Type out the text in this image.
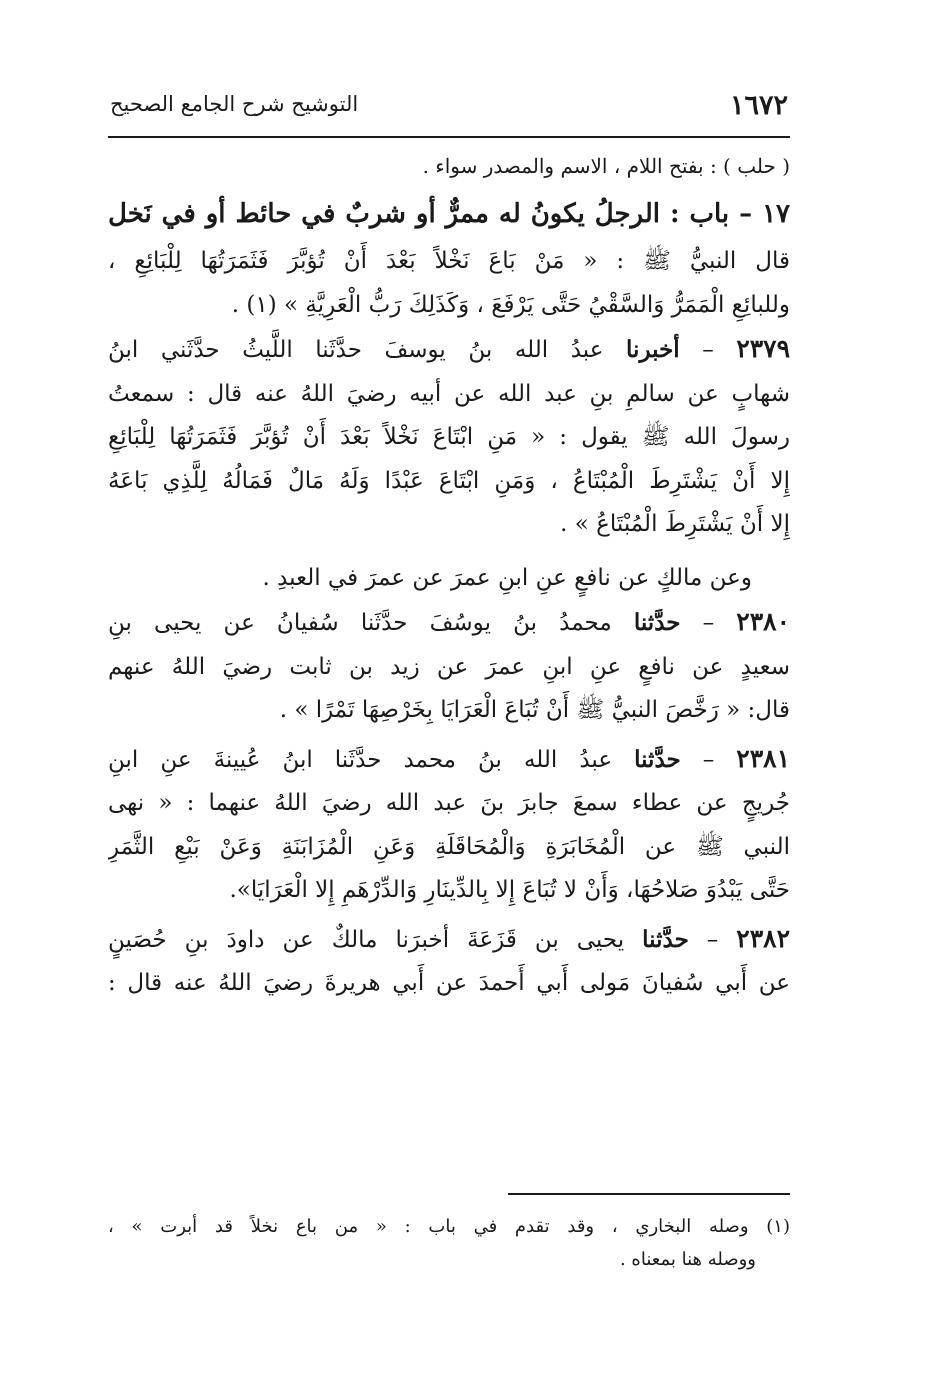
١٦٧٢
التوشيح شرح الجامع الصحيح
( حلب ) : بفتح اللام ، الاسم والمصدر سواء .
١٧ – باب : الرجلُ يكونُ له ممرٌّ أو شربٌ في حائط أو في نَخل
قال النبيُّ ﷺ : « مَنْ بَاعَ نَخْلاً بَعْدَ أَنْ تُؤبَّرَ فَثَمَرَتُهَا لِلْبَائِعِ ،
وللبائِعِ الْمَمَرُّ وَالسَّقْيُ حَتَّى يَرْفَعَ ، وَكَذَلِكَ رَبُّ الْعَرِيَّةِ » (١) .
٢٣٧٩ – أخبرنا عبدُ الله بنُ يوسفَ حدَّثَنا اللَّيثُ حدَّثَني ابنُ
شهابٍ عن سالمِ بنِ عبد الله عن أبيه رضيَ اللهُ عنه قال : سمعتُ
رسولَ الله ﷺ يقول : « مَنِ ابْتَاعَ نَخْلاً بَعْدَ أَنْ تُؤبَّرَ فَثَمَرَتُهَا لِلْبَائِعِ
إِلا أَنْ يَشْتَرِطَ الْمُبْتَاعُ ، وَمَنِ ابْتَاعَ عَبْدًا وَلَهُ مَالٌ فَمَالُهُ لِلَّذِي بَاعَهُ
إِلا أَنْ يَشْتَرِطَ الْمُبْتَاعُ » .
وعن مالكٍ عن نافعٍ عنِ ابنِ عمرَ عن عمرَ في العبدِ .
٢٣٨٠ – حدَّثنا محمدُ بنُ يوسُفَ حدَّثَنا سُفيانُ عن يحيى بنِ
سعيدٍ عن نافعٍ عنِ ابنِ عمرَ عن زيد بن ثابت رضيَ اللهُ عنهم
قال: « رَخَّصَ النبيُّ ﷺ أَنْ تُبَاعَ الْعَرَايَا بِخَرْصِهَا تَمْرًا » .
٢٣٨١ – حدَّثنا عبدُ الله بنُ محمد حدَّثَنا ابنُ عُيينةَ عنِ ابنِ
جُريجٍ عن عطاء سمعَ جابرَ بنَ عبد الله رضيَ اللهُ عنهما : « نهى
النبي ﷺ عن الْمُخَابَرَةِ وَالْمُحَاقَلَةِ وَعَنِ الْمُزَابَنَةِ وَعَنْ بَيْعِ الثَّمَرِ
حَتَّى يَبْدُوَ صَلاحُهَا، وَأَنْ لا تُبَاعَ إِلا بِالدِّينَارِ وَالدِّرْهَمِ إِلا الْعَرَايَا».
٢٣٨٢ – حدَّثنا يحيى بن قَزَعَةَ أخبرَنا مالكٌ عن داودَ بنِ حُصَينٍ
عن أَبي سُفيانَ مَولى أَبي أَحمدَ عن أَبي هريرةَ رضيَ اللهُ عنه قال :
(١) وصله البخاري ، وقد تقدم في باب : « من باع نخلاً قد أبرت » ،
ووصله هنا بمعناه .
